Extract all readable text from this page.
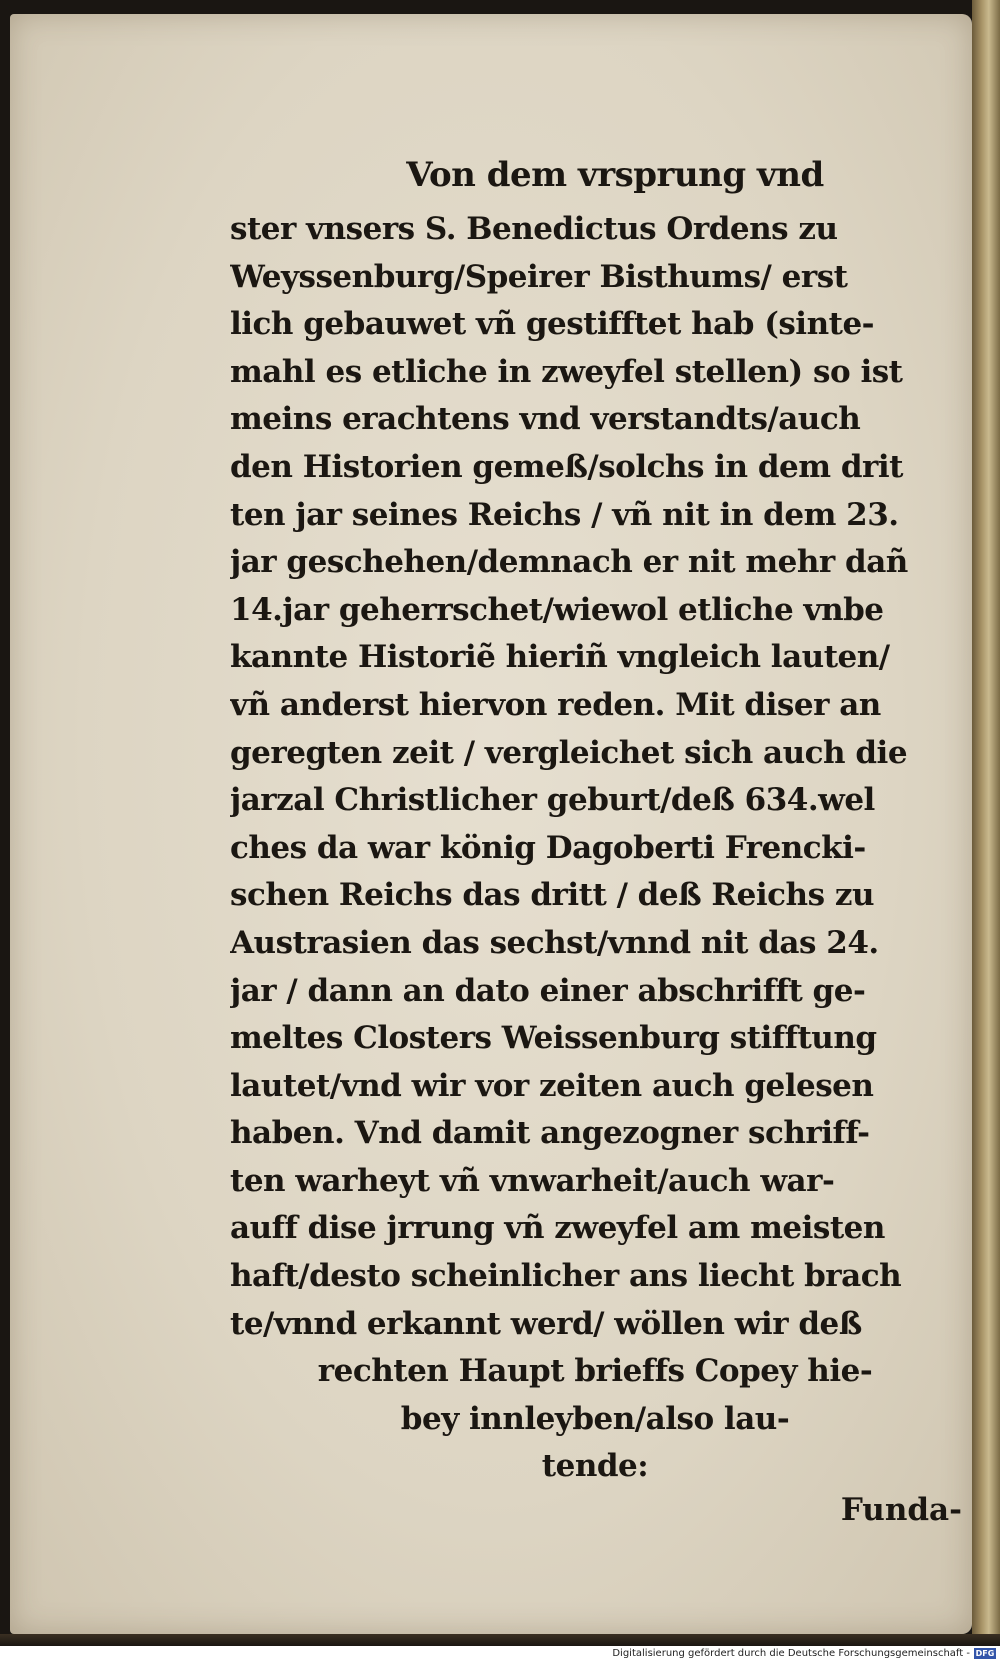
Von dem vrsprung vnd
ster vnsers S. Benedictus Ordens zu
Weyssenburg/Speirer Bisthums/ erst
lich gebauwet vñ gestifftet hab (sinte-
mahl es etliche in zweyfel stellen) so ist
meins erachtens vnd verstandts/auch
den Historien gemeß/solchs in dem drit
ten jar seines Reichs / vñ nit in dem 23.
jar geschehen/demnach er nit mehr dañ
14.jar geherrschet/wiewol etliche vnbe
kannte Historiẽ hieriñ vngleich lauten/
vñ anderst hiervon reden. Mit diser an
geregten zeit / vergleichet sich auch die
jarzal Christlicher geburt/deß 634.wel
ches da war könig Dagoberti Frencki-
schen Reichs das dritt / deß Reichs zu
Austrasien das sechst/vnnd nit das 24.
jar / dann an dato einer abschrifft ge-
meltes Closters Weissenburg stifftung
lautet/vnd wir vor zeiten auch gelesen
haben. Vnd damit angezogner schriff-
ten warheyt vñ vnwarheit/auch war-
auff dise jrrung vñ zweyfel am meisten
haft/desto scheinlicher ans liecht brach
te/vnnd erkannt werd/ wöllen wir deß
rechten Haupt brieffs Copey hie-
bey innleyben/also lau-
tende:
Funda-
Digitalisierung gefördert durch die Deutsche Forschungsgemeinschaft - DFG
